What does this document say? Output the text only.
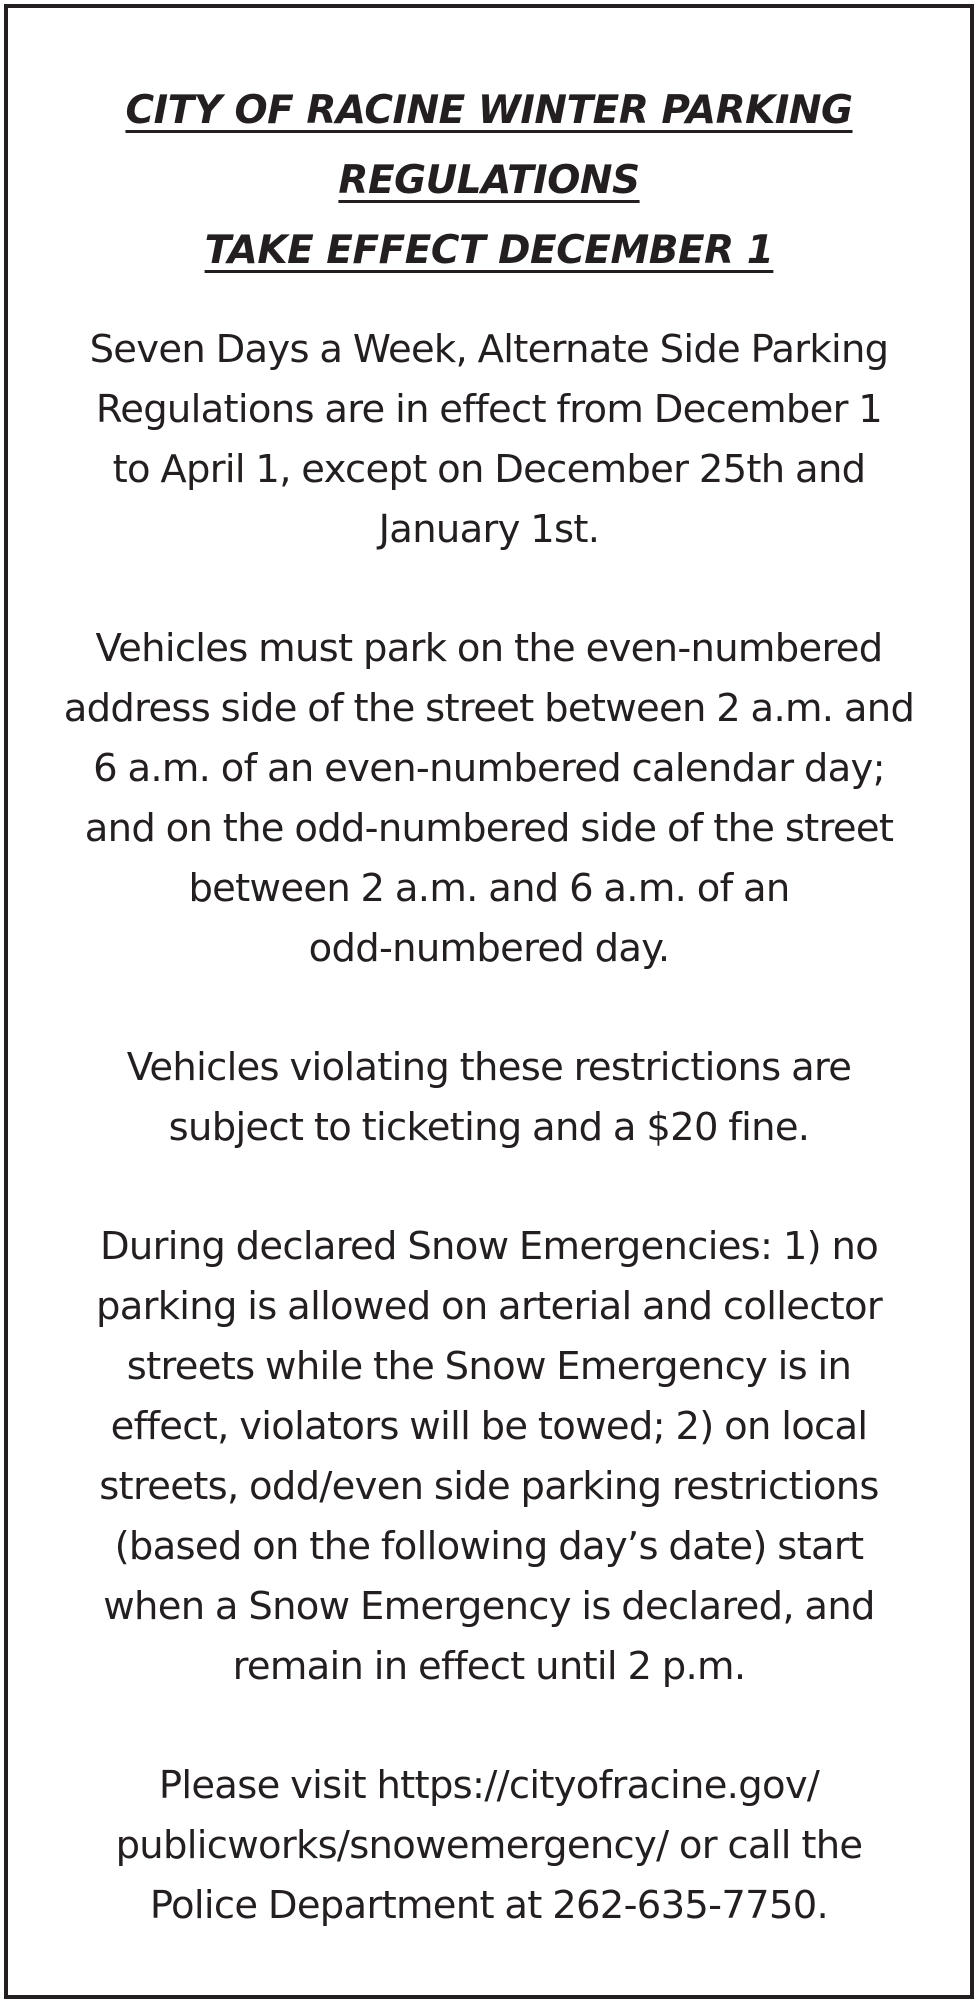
CITY OF RACINE WINTER PARKING
REGULATIONS
TAKE EFFECT DECEMBER 1

Seven Days a Week, Alternate Side Parking
Regulations are in effect from December 1
to April 1, except on December 25th and
January 1st.

Vehicles must park on the even-numbered
address side of the street between 2 a.m. and
6 a.m. of an even-numbered calendar day;
and on the odd-numbered side of the street
between 2 a.m. and 6 a.m. of an
odd-numbered day.

Vehicles violating these restrictions are
subject to ticketing and a $20 fine.

During declared Snow Emergencies: 1) no
parking is allowed on arterial and collector
streets while the Snow Emergency is in
effect, violators will be towed; 2) on local
streets, odd/even side parking restrictions
(based on the following day’s date) start
when a Snow Emergency is declared, and
remain in effect until 2 p.m.

Please visit https://cityofracine.gov/
publicworks/snowemergency/ or call the
Police Department at 262-635-7750.
